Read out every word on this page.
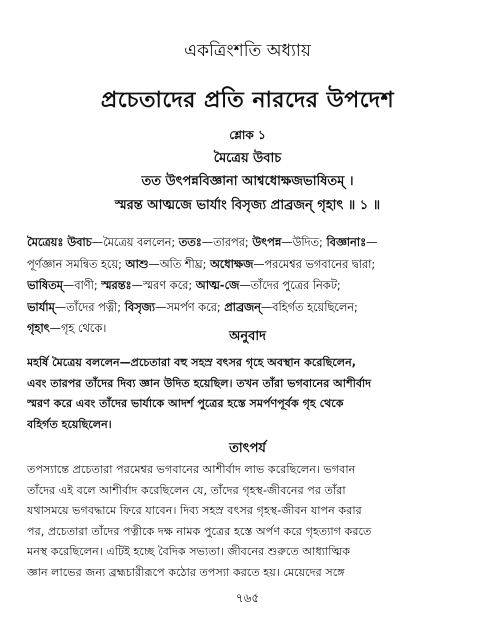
একত্রিংশতি অধ্যায়
প্রচেতাদের প্রতি নারদের উপদেশ
শ্লোক ১
মৈত্রেয় উবাচ
তত উৎপন্নবিজ্ঞানা আশ্বধোক্ষজভাষিতম্ ।
স্মরন্ত আত্মজে ভার্যাং বিসৃজ্য প্রাব্রজন্ গৃহাৎ ॥ ১ ॥
মৈত্রেয়ঃ উবাচ—মৈত্রেয় বললেন; ততঃ—তারপর; উৎপন্ন—উদিত; বিজ্ঞানাঃ—
পূর্ণজ্ঞান সমন্বিত হয়ে; আশু—অতি শীঘ্র; অধোক্ষজ—পরমেশ্বর ভগবানের দ্বারা;
ভাষিতম্—বাণী; স্মরন্তঃ—স্মরণ করে; আত্ম-জে—তাঁদের পুত্রের নিকট;
ভার্যাম্—তাঁদের পত্নী; বিসৃজ্য—সমর্পণ করে; প্রাব্রজন্—বহির্গত হয়েছিলেন;
গৃহাৎ—গৃহ থেকে।
অনুবাদ
মহর্ষি মৈত্রেয় বললেন—প্রচেতারা বহু সহস্র বৎসর গৃহে অবস্থান করেছিলেন,
এবং তারপর তাঁদের দিব্য জ্ঞান উদিত হয়েছিল। তখন তাঁরা ভগবানের আশীর্বাদ
স্মরণ করে এবং তাঁদের ভার্যাকে আদর্শ পুত্রের হস্তে সমর্পণপূর্বক গৃহ থেকে
বহির্গত হয়েছিলেন।
তাৎপর্য
তপস্যান্তে প্রচেতারা পরমেশ্বর ভগবানের আশীর্বাদ লাভ করেছিলেন। ভগবান
তাঁদের এই বলে আশীর্বাদ করেছিলেন যে, তাঁদের গৃহস্থ-জীবনের পর তাঁরা
যথাসময়ে ভগবদ্ধামে ফিরে যাবেন। দিব্য সহস্র বৎসর গৃহস্থ-জীবন যাপন করার
পর, প্রচেতারা তাঁদের পত্নীকে দক্ষ নামক পুত্রের হস্তে অর্পণ করে গৃহত্যাগ করতে
মনস্থ করেছিলেন। এটিই হচ্ছে বৈদিক সভ্যতা। জীবনের শুরুতে আধ্যাত্মিক
জ্ঞান লাভের জন্য ব্রহ্মচারীরূপে কঠোর তপস্যা করতে হয়। মেয়েদের সঙ্গে
৭৬৫
